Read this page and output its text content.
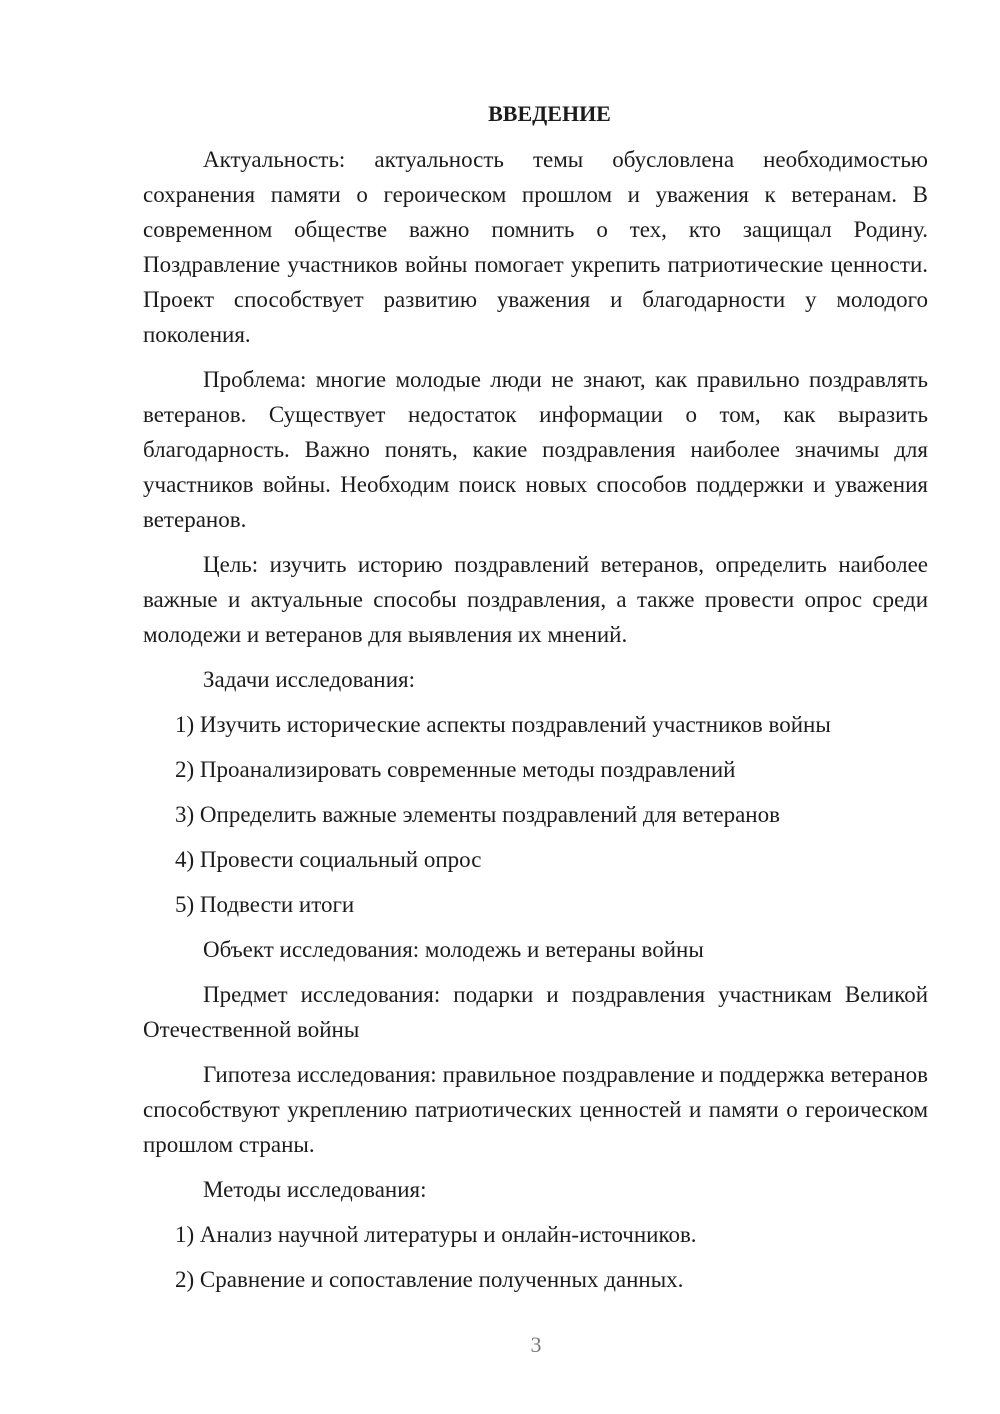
ВВЕДЕНИЕ

Актуальность: актуальность темы обусловлена необходимостью сохранения памяти о героическом прошлом и уважения к ветеранам. В современном обществе важно помнить о тех, кто защищал Родину. Поздравление участников войны помогает укрепить патриотические ценности. Проект способствует развитию уважения и благодарности у молодого поколения.

Проблема: многие молодые люди не знают, как правильно поздравлять ветеранов. Существует недостаток информации о том, как выразить благодарность. Важно понять, какие поздравления наиболее значимы для участников войны. Необходим поиск новых способов поддержки и уважения ветеранов.

Цель: изучить историю поздравлений ветеранов, определить наиболее важные и актуальные способы поздравления, а также провести опрос среди молодежи и ветеранов для выявления их мнений.

Задачи исследования:

1) Изучить исторические аспекты поздравлений участников войны

2) Проанализировать современные методы поздравлений

3) Определить важные элементы поздравлений для ветеранов

4) Провести социальный опрос

5) Подвести итоги

Объект исследования: молодежь и ветераны войны

Предмет исследования: подарки и поздравления участникам Великой Отечественной войны

Гипотеза исследования: правильное поздравление и поддержка ветеранов способствуют укреплению патриотических ценностей и памяти о героическом прошлом страны.

Методы исследования:

1) Анализ научной литературы и онлайн-источников.

2) Сравнение и сопоставление полученных данных.

3
